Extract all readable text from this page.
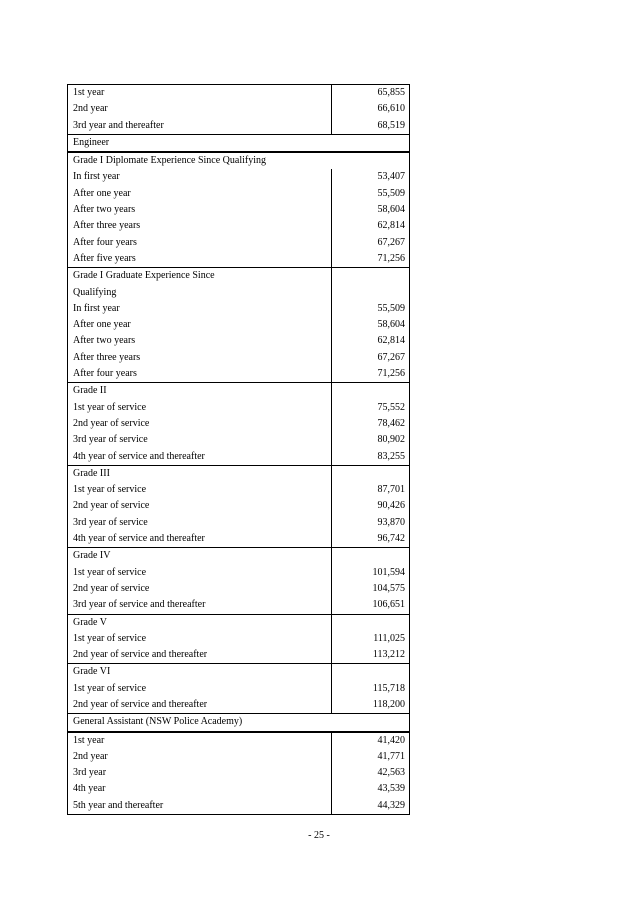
1st year	65,855
2nd year	66,610
3rd year and thereafter	68,519
Engineer
Grade I Diplomate Experience Since Qualifying
In first year	53,407
After one year	55,509
After two years	58,604
After three years	62,814
After four years	67,267
After five years	71,256
Grade I Graduate Experience Since
Qualifying
In first year	55,509
After one year	58,604
After two years	62,814
After three years	67,267
After four years	71,256
Grade II
1st year of service	75,552
2nd year of service	78,462
3rd year of service	80,902
4th year of service and thereafter	83,255
Grade III
1st year of service	87,701
2nd year of service	90,426
3rd year of service	93,870
4th year of service and thereafter	96,742
Grade IV
1st year of service	101,594
2nd year of service	104,575
3rd year of service and thereafter	106,651
Grade V
1st year of service	111,025
2nd year of service and thereafter	113,212
Grade VI
1st year of service	115,718
2nd year of service and thereafter	118,200
General Assistant (NSW Police Academy)
1st year	41,420
2nd year	41,771
3rd year	42,563
4th year	43,539
5th year and thereafter	44,329
- 25 -
